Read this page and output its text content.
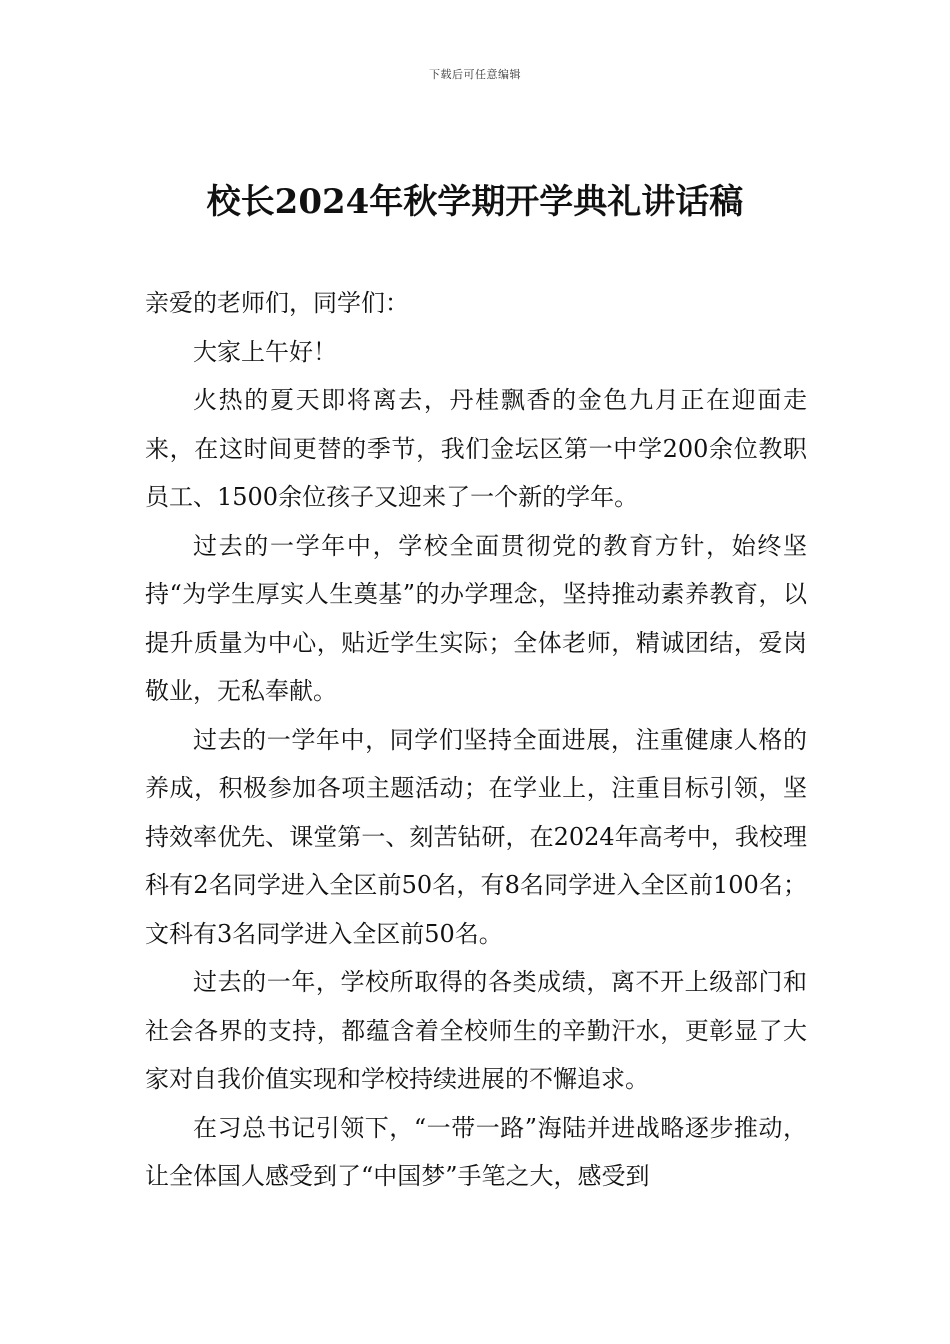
下载后可任意编辑
校长2024年秋学期开学典礼讲话稿

亲爱的老师们，同学们：

大家上午好！

火热的夏天即将离去，丹桂飘香的金色九月正在迎面走来，在这时间更替的季节，我们金坛区第一中学200余位教职员工、1500余位孩子又迎来了一个新的学年。

过去的一学年中，学校全面贯彻党的教育方针，始终坚持“为学生厚实人生奠基”的办学理念，坚持推动素养教育，以提升质量为中心，贴近学生实际；全体老师，精诚团结，爱岗敬业，无私奉献。

过去的一学年中，同学们坚持全面进展，注重健康人格的养成，积极参加各项主题活动；在学业上，注重目标引领，坚持效率优先、课堂第一、刻苦钻研，在2024年高考中，我校理科有2名同学进入全区前50名，有8名同学进入全区前100名；文科有3名同学进入全区前50名。

过去的一年，学校所取得的各类成绩，离不开上级部门和社会各界的支持，都蕴含着全校师生的辛勤汗水，更彰显了大家对自我价值实现和学校持续进展的不懈追求。

在习总书记引领下，“一带一路”海陆并进战略逐步推动，让全体国人感受到了“中国梦”手笔之大，感受到
